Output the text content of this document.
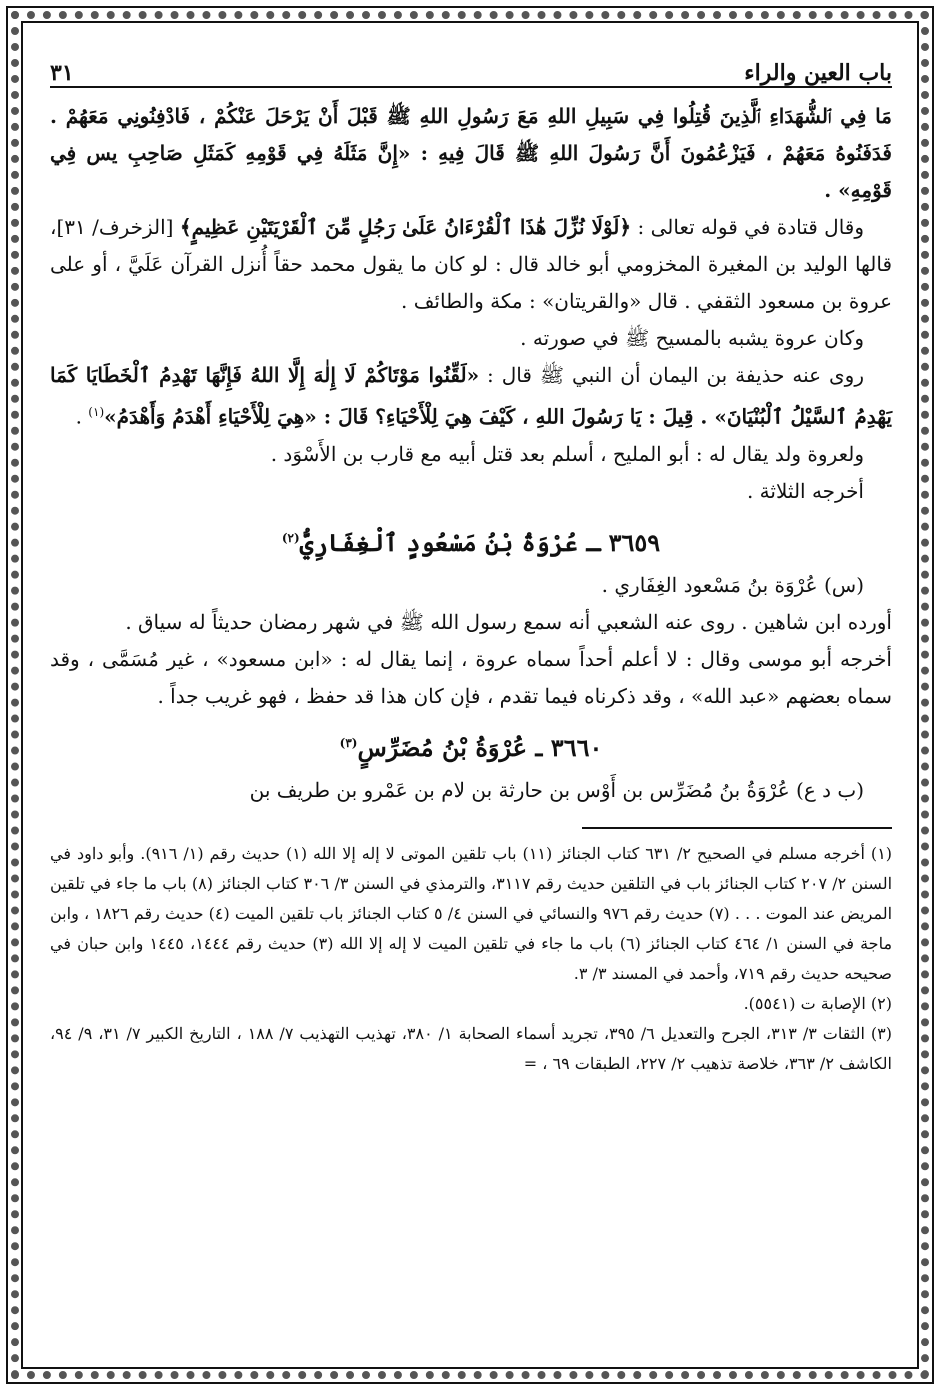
باب العين والراء
٣١

مَا فِي ٱلشُّهَدَاءِ ٱلَّذِينَ قُتِلُوا فِي سَبِيلِ اللهِ مَعَ رَسُولِ اللهِ ﷺ قَبْلَ أَنْ يَرْحَلَ عَنْكُمْ ، فَادْفِنُونِي مَعَهُمْ . فَدَفَنُوهُ مَعَهُمْ ، فَيَزْعُمُونَ أَنَّ رَسُولَ اللهِ ﷺ قَالَ فِيهِ : «إِنَّ مَثَلَهُ فِي قَوْمِهِ كَمَثَلِ صَاحِبِ يس فِي قَوْمِهِ» .

وقال قتادة في قوله تعالى : ﴿لَوْلَا نُزِّلَ هَٰذَا ٱلْقُرْءَانُ عَلَىٰ رَجُلٍ مِّنَ ٱلْقَرْيَتَيْنِ عَظِيمٍ﴾ [الزخرف/ ٣١]، قالها الوليد بن المغيرة المخزومي أبو خالد قال : لو كان ما يقول محمد حقاً أُنزل القرآن عَلَيَّ ، أو على عروة بن مسعود الثقفي . قال «والقريتان» : مكة والطائف .

وكان عروة يشبه بالمسيح ﷺ في صورته .

روى عنه حذيفة بن اليمان أن النبي ﷺ قال : «لَقِّنُوا مَوْتَاكُمْ لَا إِلٰهَ إِلَّا اللهُ فَإِنَّهَا تَهْدِمُ ٱلْخَطَايَا كَمَا يَهْدِمُ ٱلسَّيْلُ ٱلْبُنْيَانَ» . قِيلَ : يَا رَسُولَ اللهِ ، كَيْفَ هِيَ لِلْأَحْيَاءِ؟ قَالَ : «هِيَ لِلْأَحْيَاءِ أَهْدَمُ وَأَهْدَمُ»$^{(١)}$ .

ولعروة ولد يقال له : أبو المليح ، أسلم بعد قتل أبيه مع قارب بن الأَسْوَد .

أخرجه الثلاثة .

٣٦٥٩ ـ عُرْوَةُ بْنُ مَسْعُودٍ ٱلْغِفَارِيُّ$^{(٢)}$

(س) عُرْوَة بنُ مَسْعود الغِفَاري .

أورده ابن شاهين . روى عنه الشعبي أنه سمع رسول الله ﷺ في شهر رمضان حديثاً له سياق .

أخرجه أبو موسى وقال : لا أعلم أحداً سماه عروة ، إنما يقال له : «ابن مسعود» ، غير مُسَمَّى ، وقد سماه بعضهم «عبد الله» ، وقد ذكرناه فيما تقدم ، فإن كان هذا قد حفظ ، فهو غريب جداً .

٣٦٦٠ ـ عُرْوَةُ بْنُ مُضَرِّسٍ$^{(٣)}$

(ب د ع) عُرْوَةُ بنُ مُضَرِّس بن أَوْس بن حارثة بن لام بن عَمْرو بن طريف بن

(١) أخرجه مسلم في الصحيح ٢/ ٦٣١ كتاب الجنائز (١١) باب تلقين الموتى لا إله إلا الله (١) حديث رقم (١/ ٩١٦). وأبو داود في السنن ٢/ ٢٠٧ كتاب الجنائز باب في التلقين حديث رقم ٣١١٧، والترمذي في السنن ٣/ ٣٠٦ كتاب الجنائز (٨) باب ما جاء في تلقين المريض عند الموت . . . (٧) حديث رقم ٩٧٦ والنسائي في السنن ٤/ ٥ كتاب الجنائز باب تلقين الميت (٤) حديث رقم ١٨٢٦ ، وابن ماجة في السنن ١/ ٤٦٤ كتاب الجنائز (٦) باب ما جاء في تلقين الميت لا إله إلا الله (٣) حديث رقم ١٤٤٤، ١٤٤٥ وابن حبان في صحيحه حديث رقم ٧١٩، وأحمد في المسند ٣/ ٣.

(٢) الإصابة ت (٥٥٤١).

(٣) الثقات ٣/ ٣١٣، الجرح والتعديل ٦/ ٣٩٥، تجريد أسماء الصحابة ١/ ٣٨٠، تهذيب التهذيب ٧/ ١٨٨ ، التاريخ الكبير ٧/ ٣١، ٩/ ٩٤، الكاشف ٢/ ٣٦٣، خلاصة تذهيب ٢/ ٢٢٧، الطبقات ٦٩ ، =
